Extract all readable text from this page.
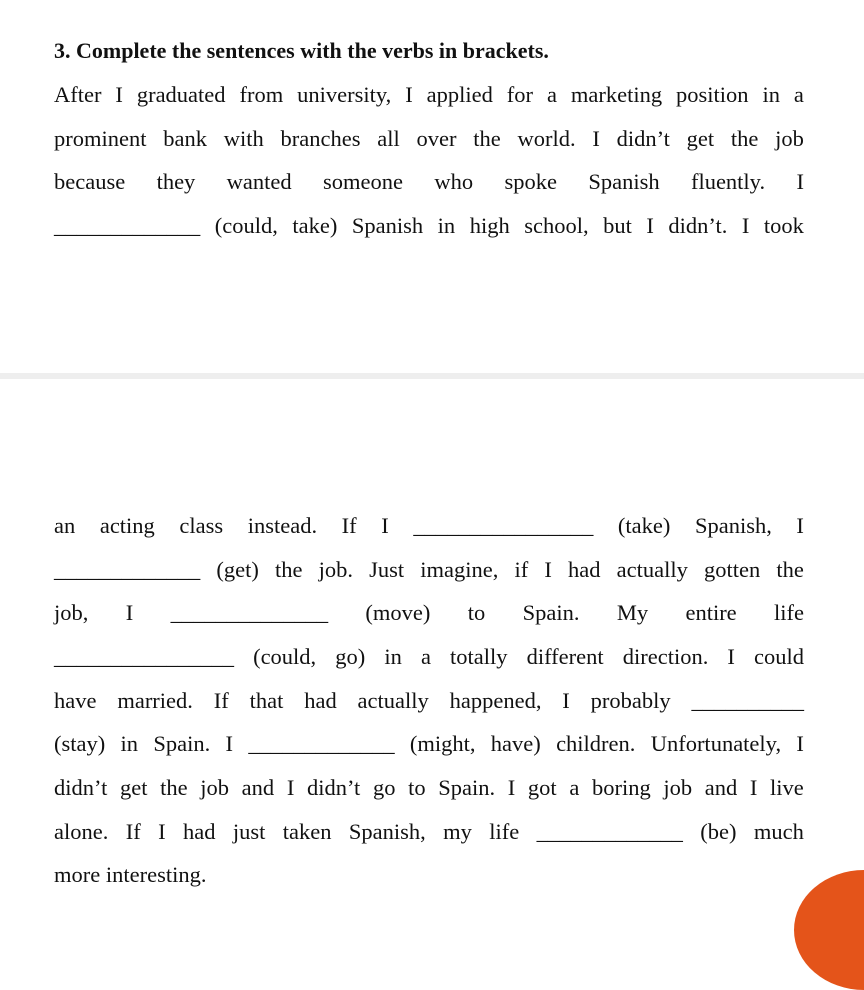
3. Complete the sentences with the verbs in brackets.
After I graduated from university, I applied for a marketing position in a
prominent bank with branches all over the world. I didn’t get the job
because they wanted someone who spoke Spanish fluently. I
_____________ (could, take) Spanish in high school, but I didn’t. I took
an acting class instead. If I ________________ (take) Spanish, I
_____________ (get) the job. Just imagine, if I had actually gotten the
job, I ______________ (move) to Spain. My entire life
________________ (could, go) in a totally different direction. I could
have married. If that had actually happened, I probably __________
(stay) in Spain. I _____________ (might, have) children. Unfortunately, I
didn’t get the job and I didn’t go to Spain. I got a boring job and I live
alone. If I had just taken Spanish, my life _____________ (be) much
more interesting.
